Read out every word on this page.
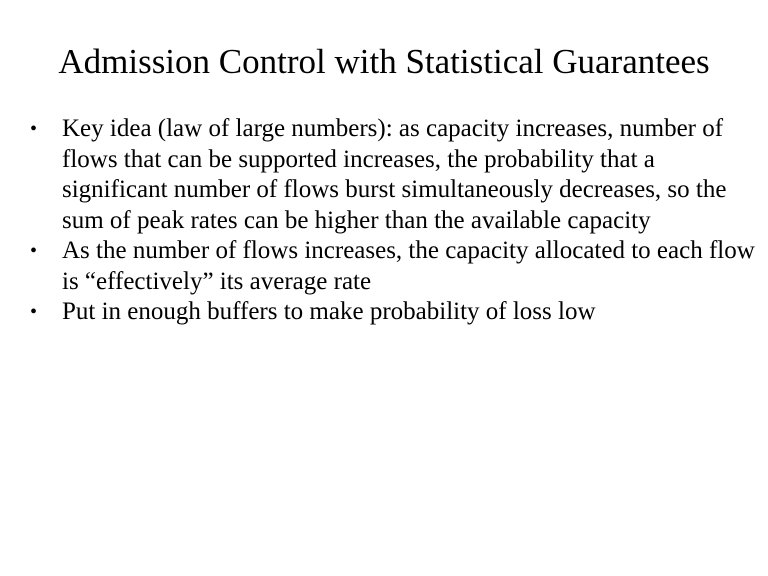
Admission Control with Statistical Guarantees
• Key idea (law of large numbers): as capacity increases, number of flows that can be supported increases, the probability that a significant number of flows burst simultaneously decreases, so the sum of peak rates can be higher than the available capacity
• As the number of flows increases, the capacity allocated to each flow is “effectively” its average rate
• Put in enough buffers to make probability of loss low
